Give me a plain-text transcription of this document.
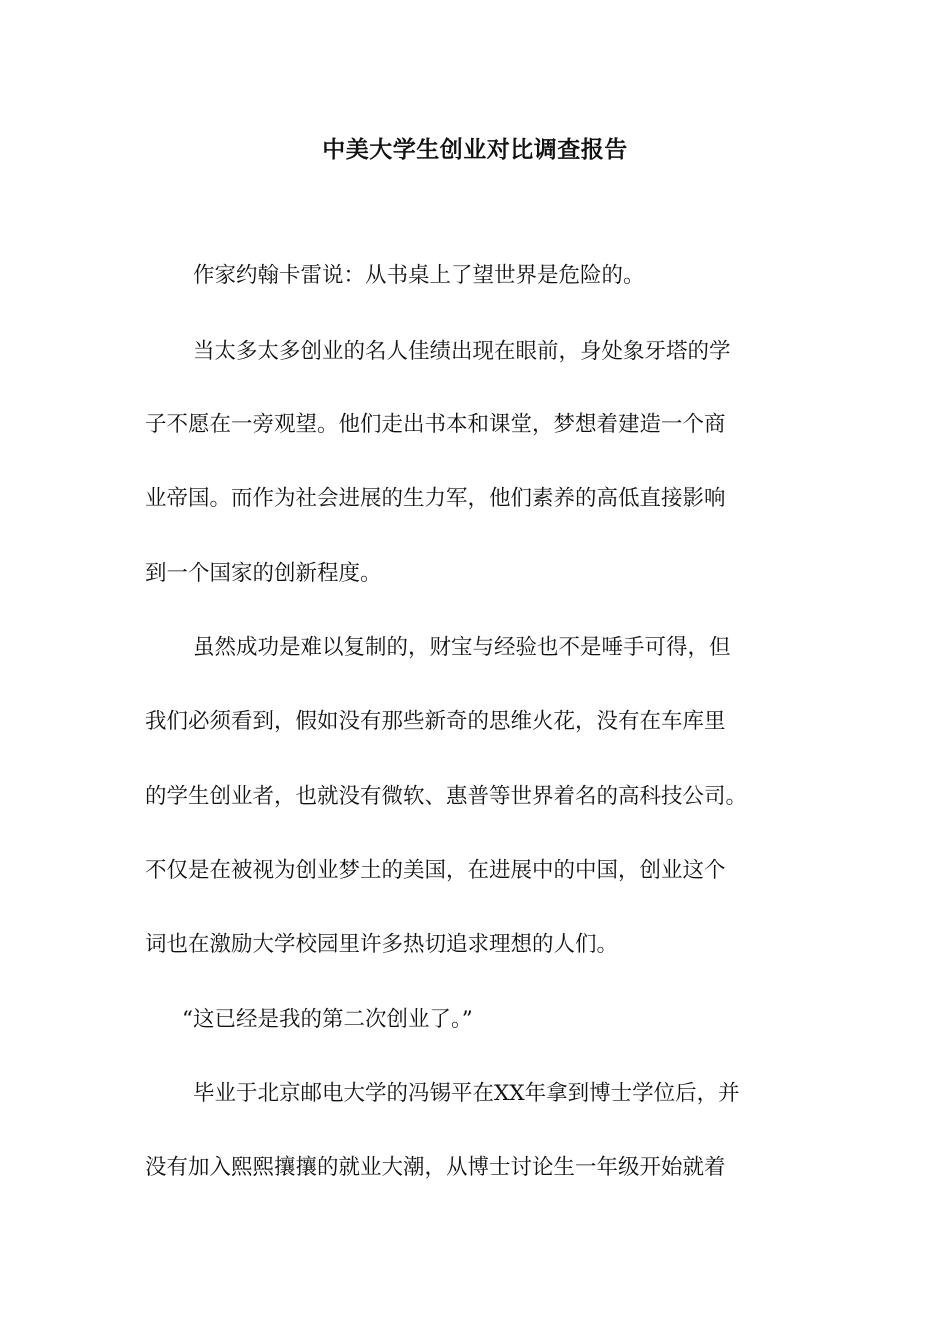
中美大学生创业对比调查报告

作家约翰卡雷说：从书桌上了望世界是危险的。

当太多太多创业的名人佳绩出现在眼前，身处象牙塔的学

子不愿在一旁观望。他们走出书本和课堂，梦想着建造一个商

业帝国。而作为社会进展的生力军，他们素养的高低直接影响

到一个国家的创新程度。

虽然成功是难以复制的，财宝与经验也不是唾手可得，但

我们必须看到，假如没有那些新奇的思维火花，没有在车库里

的学生创业者，也就没有微软、惠普等世界着名的高科技公司。

不仅是在被视为创业梦土的美国，在进展中的中国，创业这个

词也在激励大学校园里许多热切追求理想的人们。

“这已经是我的第二次创业了。”

毕业于北京邮电大学的冯锡平在XX年拿到博士学位后，并

没有加入熙熙攘攘的就业大潮，从博士讨论生一年级开始就着
